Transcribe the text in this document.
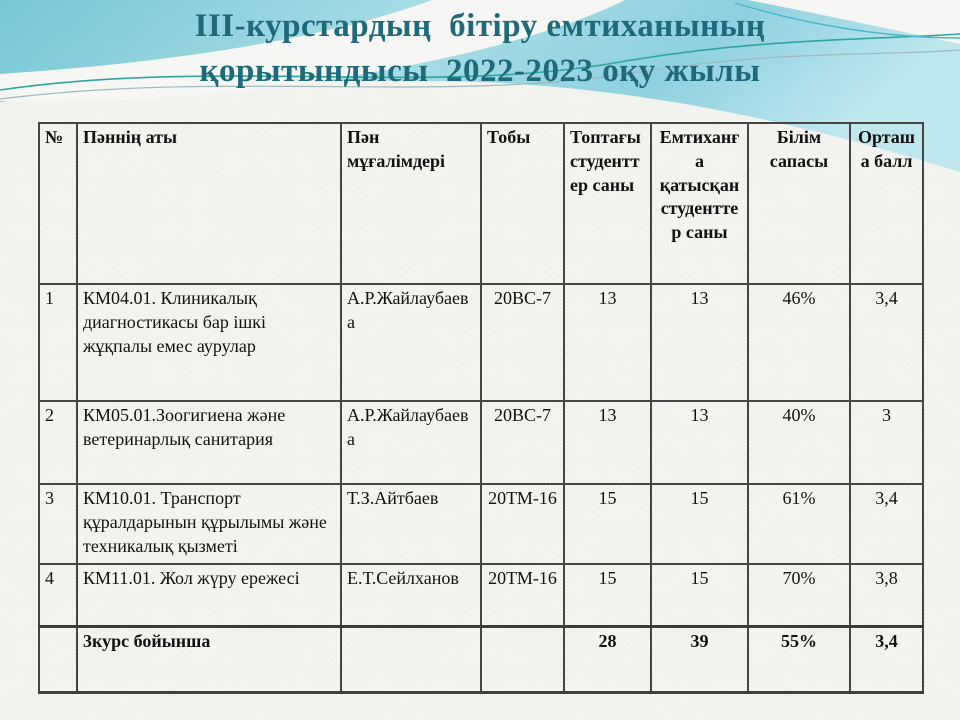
ІІІ-курстардың  бітіру емтиханының
қорытындысы  2022-2023 оқу жылы
№	Пәннің аты	Пән мұғалімдері	Тобы	Топтағы студенттер саны	Емтиханға қатысқан студенттер саны	Білім сапасы	Орташа балл
1	КМ04.01. Клиникалық диагностикасы бар ішкі жұқпалы емес аурулар	А.Р.Жайлаубаева	20ВС-7	13	13	46%	3,4
2	КМ05.01.Зоогигиена және ветеринарлық санитария	А.Р.Жайлаубаева	20ВС-7	13	13	40%	3
3	КМ10.01. Транспорт құралдарынын құрылымы және техникалық қызметі	Т.З.Айтбаев	20ТМ-16	15	15	61%	3,4
4	КМ11.01. Жол жүру ережесі	Е.Т.Сейлханов	20ТМ-16	15	15	70%	3,8
	3курс бойынша			28	39	55%	3,4
